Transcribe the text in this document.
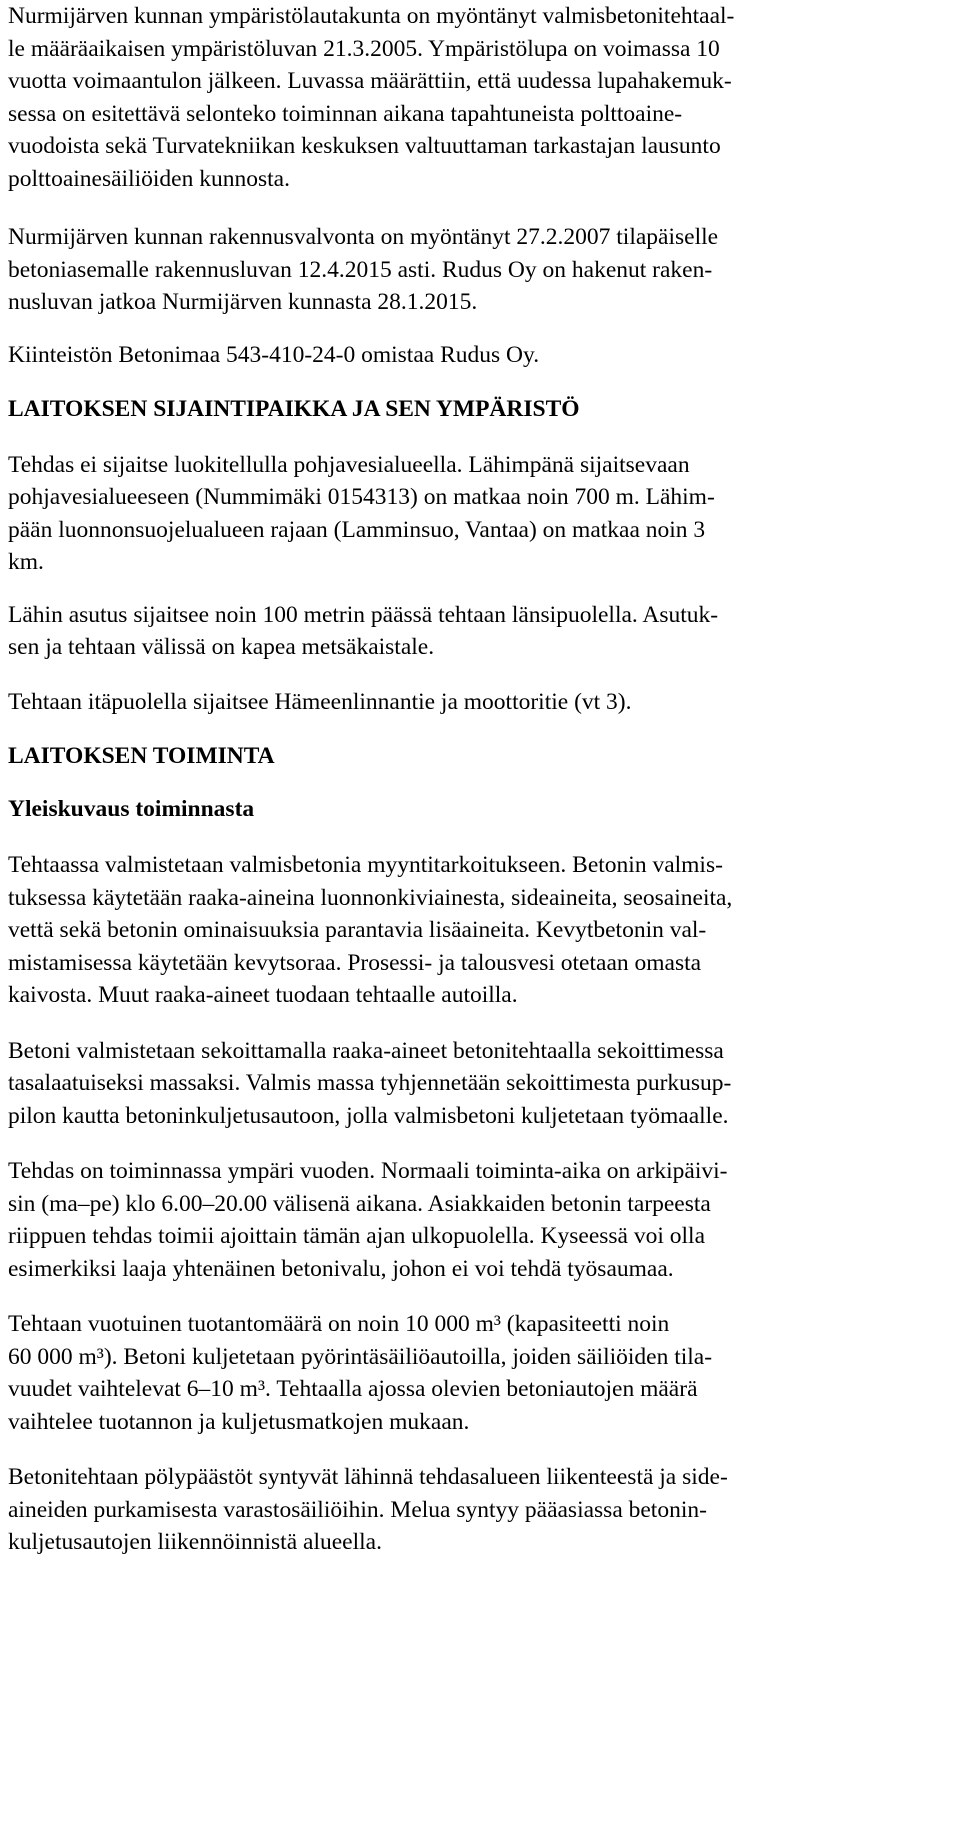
Nurmijärven kunnan ympäristölautakunta on myöntänyt valmisbetonitehtaal-
le määräaikaisen ympäristöluvan 21.3.2005. Ympäristölupa on voimassa 10
vuotta voimaantulon jälkeen. Luvassa määrättiin, että uudessa lupahakemuk-
sessa on esitettävä selonteko toiminnan aikana tapahtuneista polttoaine-
vuodoista sekä Turvatekniikan keskuksen valtuuttaman tarkastajan lausunto
polttoainesäiliöiden kunnosta.
Nurmijärven kunnan rakennusvalvonta on myöntänyt 27.2.2007 tilapäiselle
betoniasemalle rakennusluvan 12.4.2015 asti. Rudus Oy on hakenut raken-
nusluvan jatkoa Nurmijärven kunnasta 28.1.2015.
Kiinteistön Betonimaa 543-410-24-0 omistaa Rudus Oy.
LAITOKSEN SIJAINTIPAIKKA JA SEN YMPÄRISTÖ
Tehdas ei sijaitse luokitellulla pohjavesialueella. Lähimpänä sijaitsevaan
pohjavesialueeseen (Nummimäki 0154313) on matkaa noin 700 m. Lähim-
pään luonnonsuojelualueen rajaan (Lamminsuo, Vantaa) on matkaa noin 3
km.
Lähin asutus sijaitsee noin 100 metrin päässä tehtaan länsipuolella. Asutuk-
sen ja tehtaan välissä on kapea metsäkaistale.
Tehtaan itäpuolella sijaitsee Hämeenlinnantie ja moottoritie (vt 3).
LAITOKSEN TOIMINTA
Yleiskuvaus toiminnasta
Tehtaassa valmistetaan valmisbetonia myyntitarkoitukseen. Betonin valmis-
tuksessa käytetään raaka-aineina luonnonkiviainesta, sideaineita, seosaineita,
vettä sekä betonin ominaisuuksia parantavia lisäaineita. Kevytbetonin val-
mistamisessa käytetään kevytsoraa. Prosessi- ja talousvesi otetaan omasta
kaivosta. Muut raaka-aineet tuodaan tehtaalle autoilla.
Betoni valmistetaan sekoittamalla raaka-aineet betonitehtaalla sekoittimessa
tasalaatuiseksi massaksi. Valmis massa tyhjennetään sekoittimesta purkusup-
pilon kautta betoninkuljetusautoon, jolla valmisbetoni kuljetetaan työmaalle.
Tehdas on toiminnassa ympäri vuoden. Normaali toiminta-aika on arkipäivi-
sin (ma–pe) klo 6.00–20.00 välisenä aikana. Asiakkaiden betonin tarpeesta
riippuen tehdas toimii ajoittain tämän ajan ulkopuolella. Kyseessä voi olla
esimerkiksi laaja yhtenäinen betonivalu, johon ei voi tehdä työsaumaa.
Tehtaan vuotuinen tuotantomäärä on noin 10 000 m³ (kapasiteetti noin
60 000 m³). Betoni kuljetetaan pyörintäsäiliöautoilla, joiden säiliöiden tila-
vuudet vaihtelevat 6–10 m³. Tehtaalla ajossa olevien betoniautojen määrä
vaihtelee tuotannon ja kuljetusmatkojen mukaan.
Betonitehtaan pölypäästöt syntyvät lähinnä tehdasalueen liikenteestä ja side-
aineiden purkamisesta varastosäiliöihin. Melua syntyy pääasiassa betonin-
kuljetusautojen liikennöinnistä alueella.
